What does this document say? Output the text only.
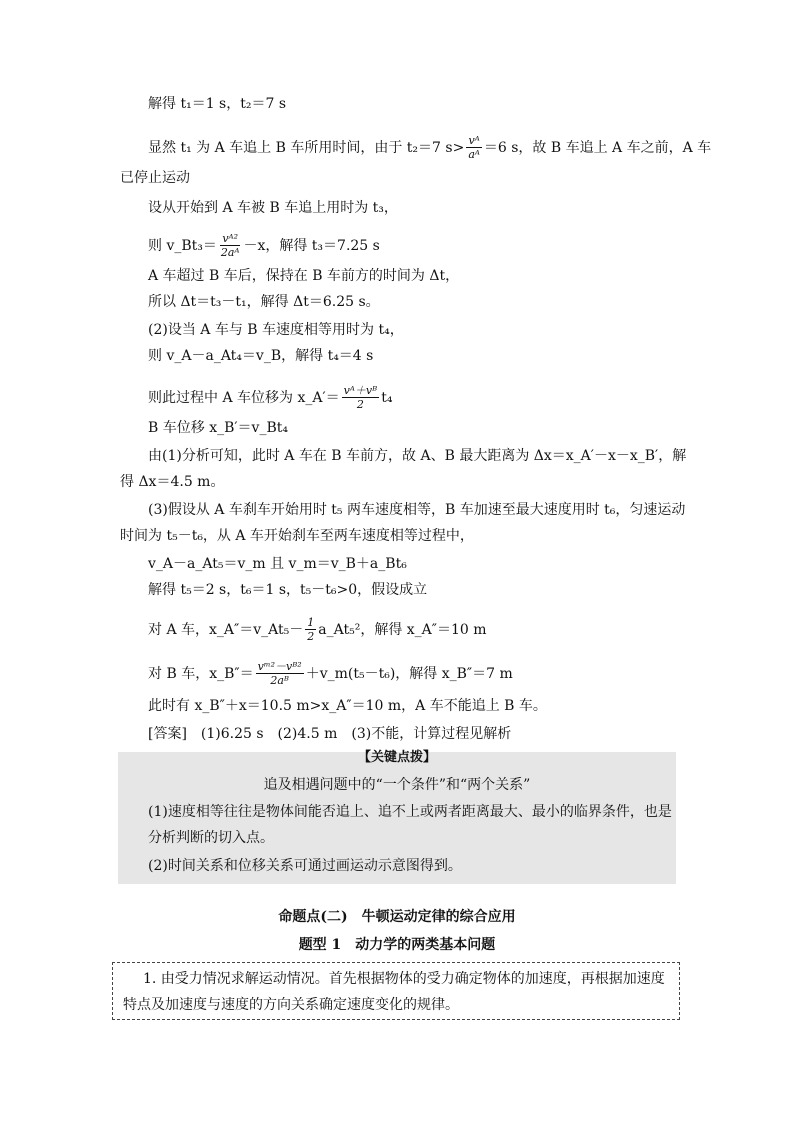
解得 t₁＝1 s，t₂＝7 s
显然 t₁ 为 A 车追上 B 车所用时间，由于 t₂＝7 $s> \frac{\text{vᴬ}}{\text{aᴬ}} =6$ s，故 B 车追上 A 车之前，A 车
已停止运动
设从开始到 A 车被 B 车追上用时为 t₃，
则 v_Bt₃＝ $\frac{\text{vᴬ²}}{\text{2aᴬ}} -x$，解得 t₃＝7.25 s
A 车超过 B 车后，保持在 B 车前方的时间为 Δt，
所以 Δt＝t₃－t₁，解得 Δt＝6.25 s。
(2)设当 A 车与 B 车速度相等用时为 t₄，
则 v_A－a_At₄＝v_B，解得 t₄＝4 s
则此过程中 A 车位移为 x_A′＝ $\frac{\text{vᴬ＋vᴮ}}{2} t_4$
B 车位移 x_B′＝v_Bt₄
由(1)分析可知，此时 A 车在 B 车前方，故 A、B 最大距离为 Δx＝x_A′－x－x_B′，解
得 Δx＝4.5 m。
(3)假设从 A 车刹车开始用时 t₅ 两车速度相等，B 车加速至最大速度用时 t₆，匀速运动
时间为 t₅－t₆，从 A 车开始刹车至两车速度相等过程中，
v_A－a_At₅＝v_m 且 v_m＝v_B＋a_Bt₆
解得 t₅＝2 s，t₆＝1 s，t₅－t₆>0，假设成立
对 A 车，x_A″＝v_At₅－ $\frac{1}{2}$ a_At₅²，解得 x_A″＝10 m
对 B 车，x_B″＝ $\frac{\text{vᵐ²－vᴮ²}}{\text{2aᴮ}}$ ＋v_m(t₅－t₆)，解得 x_B″＝7 m
此时有 x_B″＋x＝10.5 m>x_A″＝10 m，A 车不能追上 B 车。
[答案]　(1)6.25 s　(2)4.5 m　(3)不能，计算过程见解析
【关键点拨】
追及相遇问题中的“一个条件”和“两个关系”
(1)速度相等往往是物体间能否追上、追不上或两者距离最大、最小的临界条件，也是
分析判断的切入点。
(2)时间关系和位移关系可通过画运动示意图得到。
命题点(二)　牛顿运动定律的综合应用
题型 1　动力学的两类基本问题
1. 由受力情况求解运动情况。首先根据物体的受力确定物体的加速度，再根据加速度
特点及加速度与速度的方向关系确定速度变化的规律。
